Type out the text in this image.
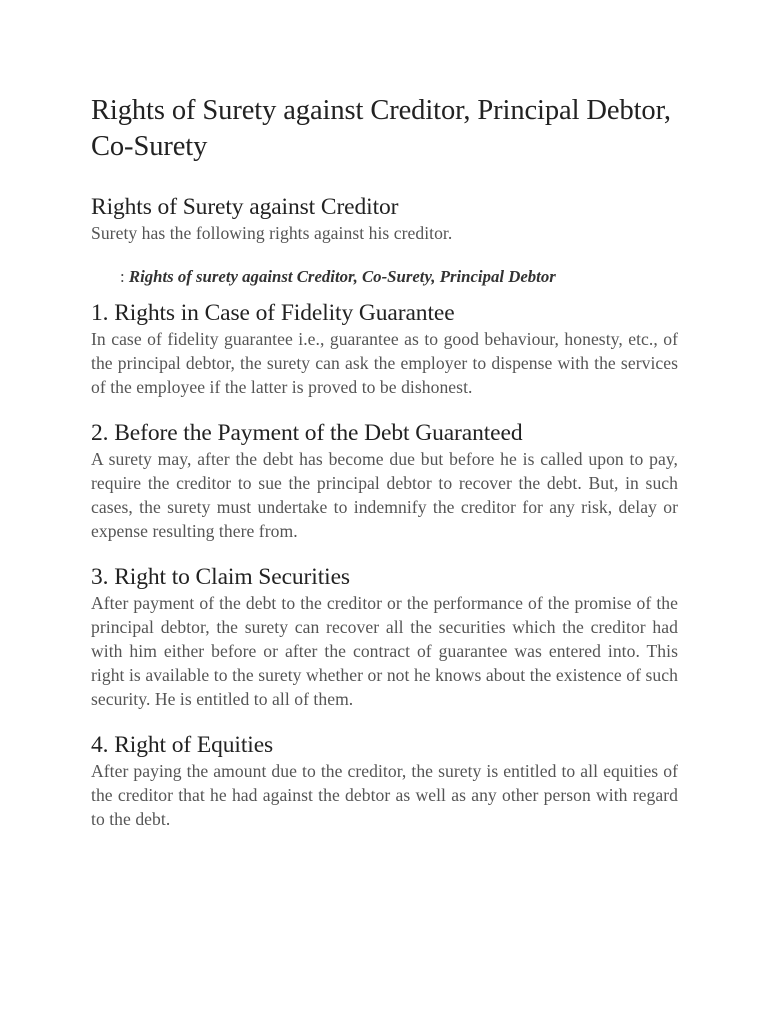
Rights of Surety against Creditor, Principal Debtor, Co-Surety
Rights of Surety against Creditor

Surety has the following rights against his creditor.

: Rights of surety against Creditor, Co-Surety, Principal Debtor

1. Rights in Case of Fidelity Guarantee

In case of fidelity guarantee i.e., guarantee as to good behaviour, honesty, etc., of the principal debtor, the surety can ask the employer to dispense with the services of the employee if the latter is proved to be dishonest.

2. Before the Payment of the Debt Guaranteed

A surety may, after the debt has become due but before he is called upon to pay, require the creditor to sue the principal debtor to recover the debt. But, in such cases, the surety must undertake to indemnify the creditor for any risk, delay or expense resulting there from.

3. Right to Claim Securities

After payment of the debt to the creditor or the performance of the promise of the principal debtor, the surety can recover all the securities which the creditor had with him either before or after the contract of guarantee was entered into. This right is available to the surety whether or not he knows about the existence of such security. He is entitled to all of them.

4. Right of Equities

After paying the amount due to the creditor, the surety is entitled to all equities of the creditor that he had against the debtor as well as any other person with regard to the debt.
